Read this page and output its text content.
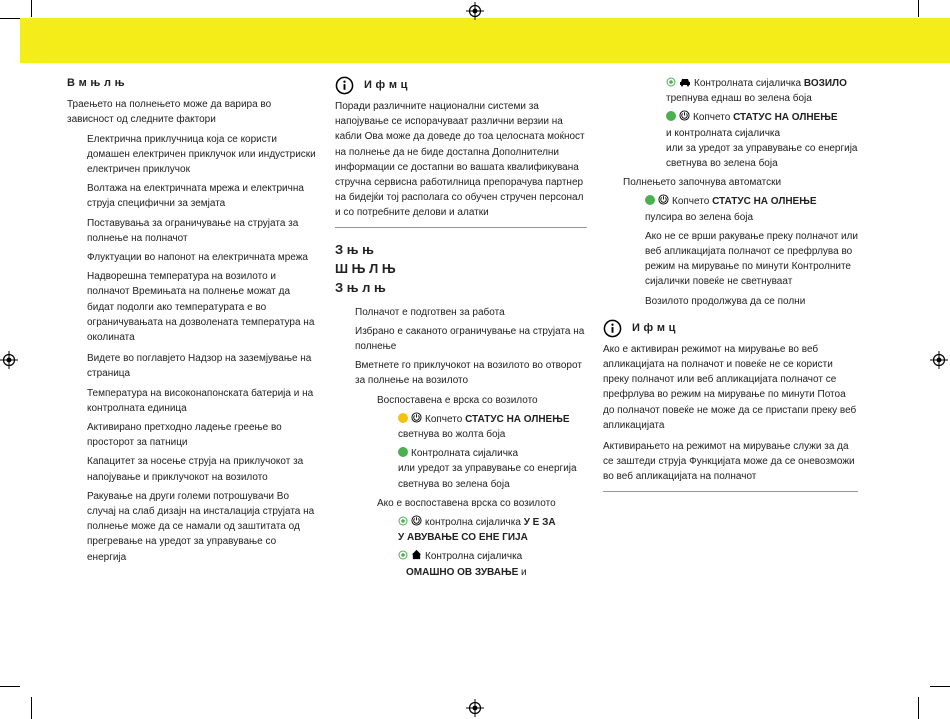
В м њ л њ

Траењето на полнењето може да варира во зависност од следните фактори

Електрична приклучница која се користи домашен електричен приклучок или индустриски електричен приклучок

Волтажа на електричната мрежа и електрична струја специфични за земјата

Поставувања за ограничување на струјата за полнење на полначот

Флуктуации во напонот на електричната мрежа

Надворешна температура на возилото и полначот Времињата на полнење можат да бидат подолги ако температурата е во ограничувањата на дозволената температура на околината

Видете во поглавјето Надзор на заземјување на страница

Температура на високонапонската батерија и на контролната единица

Активирано претходно ладење греење во просторот за патници

Капацитет за носење струја на приклучокот за напојување и приклучокот на возилото

Ракување на други големи потрошувачи Во случај на слаб дизајн на инсталација струјата на полнење може да се намали од заштитата од прегревање на уредот за управување со енергија

И ф м ц

Поради различните национални системи за напојување се испорачуваат различни верзии на кабли Ова може да доведе до тоа целосната моќност на полнење да не биде достапна Дополнителни информации се достапни во вашата квалификувана стручна сервисна работилница препорачува партнер на бидејќи тој располага со обучен стручен персонал и со потребните делови и алатки

З њ њ

Ш Њ Л Њ

З њ л њ

Полначот е подготвен за работа

Избрано е саканото ограничување на струјата на полнење

Вметнете го приклучокот на возилото во отворот за полнење на возилото

Воспоставена е врска со возилото

Копчето СТАТУС НА ОЛНЕЊЕ
светнува во жолта боја

Контролната сијаличка
или уредот за управување со енергија светнува во зелена боја

Ако е воспоставена врска со возилото

контролна сијаличка У Е ЗА
У АВУВАЊЕ СО ЕНЕ ГИЈА

Контролна сијаличка
ОМАШНО ОВ ЗУВАЊЕ и

Контролната сијаличка ВОЗИЛО
трепнува еднаш во зелена боја

Копчето СТАТУС НА ОЛНЕЊЕ
и контролната сијаличка
или за уредот за управување со енергија светнува во зелена боја

Полнењето започнува автоматски

Копчето СТАТУС НА ОЛНЕЊЕ
пулсира во зелена боја

Ако не се врши ракување преку полначот или веб апликацијата полначот се префрлува во режим на мирување по минути Контролните сијалички повеќе не светнуваат

Возилото продолжува да се полни

И ф м ц

Ако е активиран режимот на мирување во веб апликацијата на полначот и повеќе не се користи преку полначот или веб апликацијата полначот се префрлува во режим на мирување по минути Потоа до полначот повеќе не може да се пристапи преку веб апликацијата

Активирањето на режимот на мирување служи за да се заштеди струја Функцијата може да се оневозможи во веб апликацијата на полначот
